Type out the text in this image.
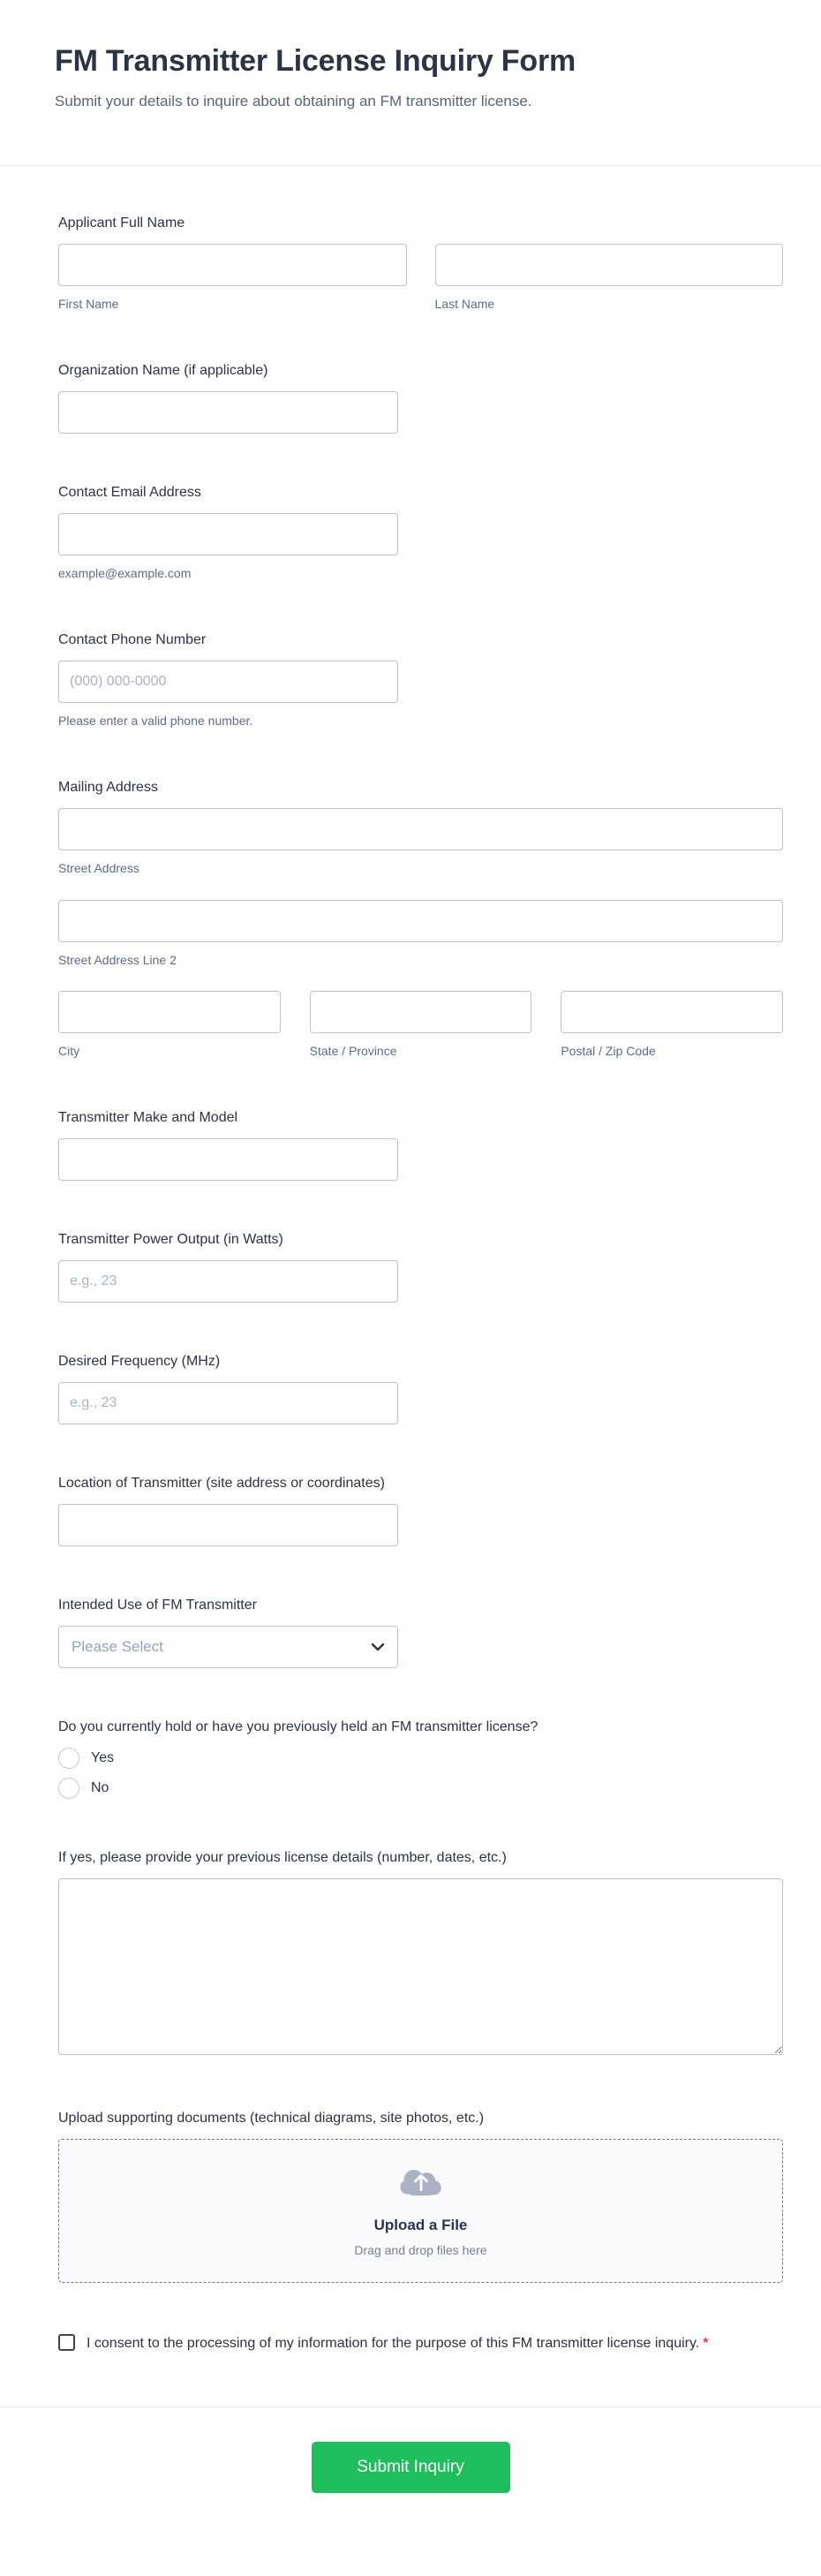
FM Transmitter License Inquiry Form
Submit your details to inquire about obtaining an FM transmitter license.
Applicant Full Name
First Name	Last Name
Organization Name (if applicable)
Contact Email Address
example@example.com
Contact Phone Number
(000) 000-0000
Please enter a valid phone number.
Mailing Address
Street Address
Street Address Line 2
City	State / Province	Postal / Zip Code
Transmitter Make and Model
Transmitter Power Output (in Watts)
e.g., 23
Desired Frequency (MHz)
e.g., 23
Location of Transmitter (site address or coordinates)
Intended Use of FM Transmitter
Please Select
Do you currently hold or have you previously held an FM transmitter license?
Yes
No
If yes, please provide your previous license details (number, dates, etc.)
Upload supporting documents (technical diagrams, site photos, etc.)
Upload a File
Drag and drop files here
I consent to the processing of my information for the purpose of this FM transmitter license inquiry. *
Submit Inquiry
